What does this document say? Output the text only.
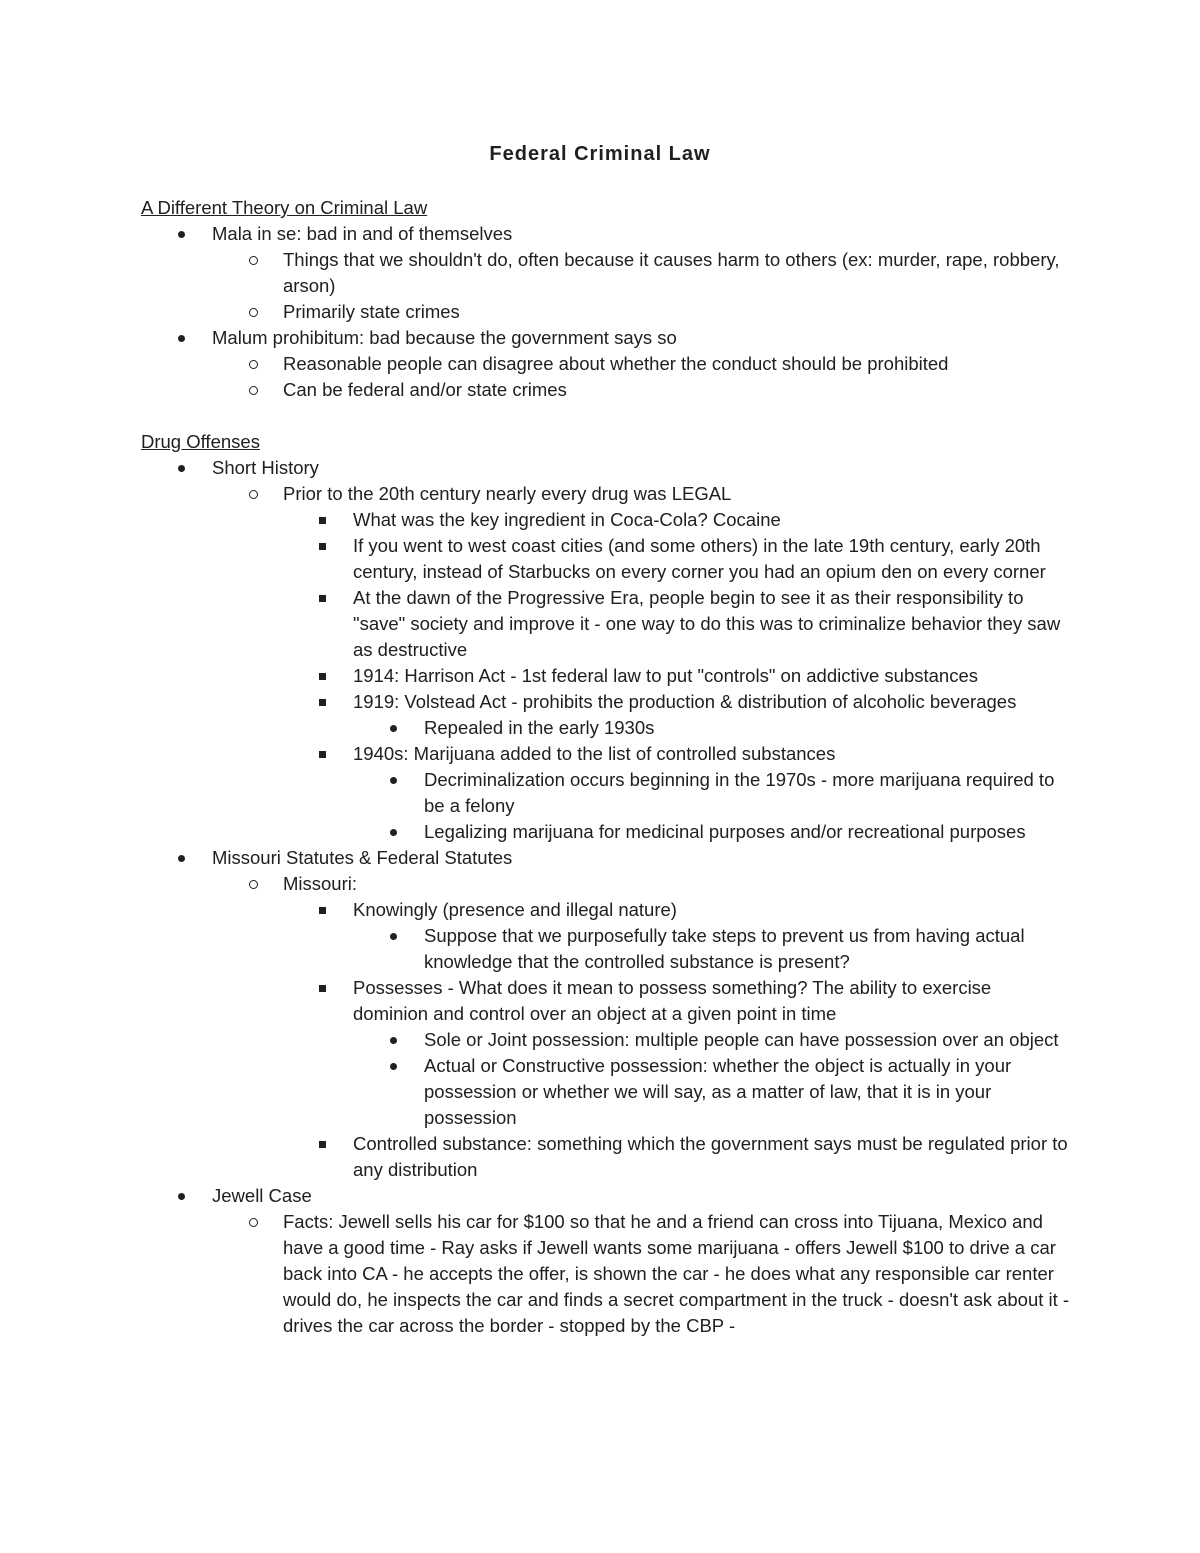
Federal Criminal Law
A Different Theory on Criminal Law
Mala in se: bad in and of themselves
Things that we shouldn't do, often because it causes harm to others (ex: murder, rape, robbery, arson)
Primarily state crimes
Malum prohibitum: bad because the government says so
Reasonable people can disagree about whether the conduct should be prohibited
Can be federal and/or state crimes
Drug Offenses
Short History
Prior to the 20th century nearly every drug was LEGAL
What was the key ingredient in Coca-Cola? Cocaine
If you went to west coast cities (and some others) in the late 19th century, early 20th century, instead of Starbucks on every corner you had an opium den on every corner
At the dawn of the Progressive Era, people begin to see it as their responsibility to "save" society and improve it - one way to do this was to criminalize behavior they saw as destructive
1914: Harrison Act - 1st federal law to put "controls" on addictive substances
1919: Volstead Act - prohibits the production & distribution of alcoholic beverages
Repealed in the early 1930s
1940s: Marijuana added to the list of controlled substances
Decriminalization occurs beginning in the 1970s - more marijuana required to be a felony
Legalizing marijuana for medicinal purposes and/or recreational purposes
Missouri Statutes & Federal Statutes
Missouri:
Knowingly (presence and illegal nature)
Suppose that we purposefully take steps to prevent us from having actual knowledge that the controlled substance is present?
Possesses - What does it mean to possess something? The ability to exercise dominion and control over an object at a given point in time
Sole or Joint possession: multiple people can have possession over an object
Actual or Constructive possession: whether the object is actually in your possession or whether we will say, as a matter of law, that it is in your possession
Controlled substance: something which the government says must be regulated prior to any distribution
Jewell Case
Facts: Jewell sells his car for $100 so that he and a friend can cross into Tijuana, Mexico and have a good time - Ray asks if Jewell wants some marijuana - offers Jewell $100 to drive a car back into CA - he accepts the offer, is shown the car - he does what any responsible car renter would do, he inspects the car and finds a secret compartment in the truck - doesn't ask about it - drives the car across the border - stopped by the CBP -
